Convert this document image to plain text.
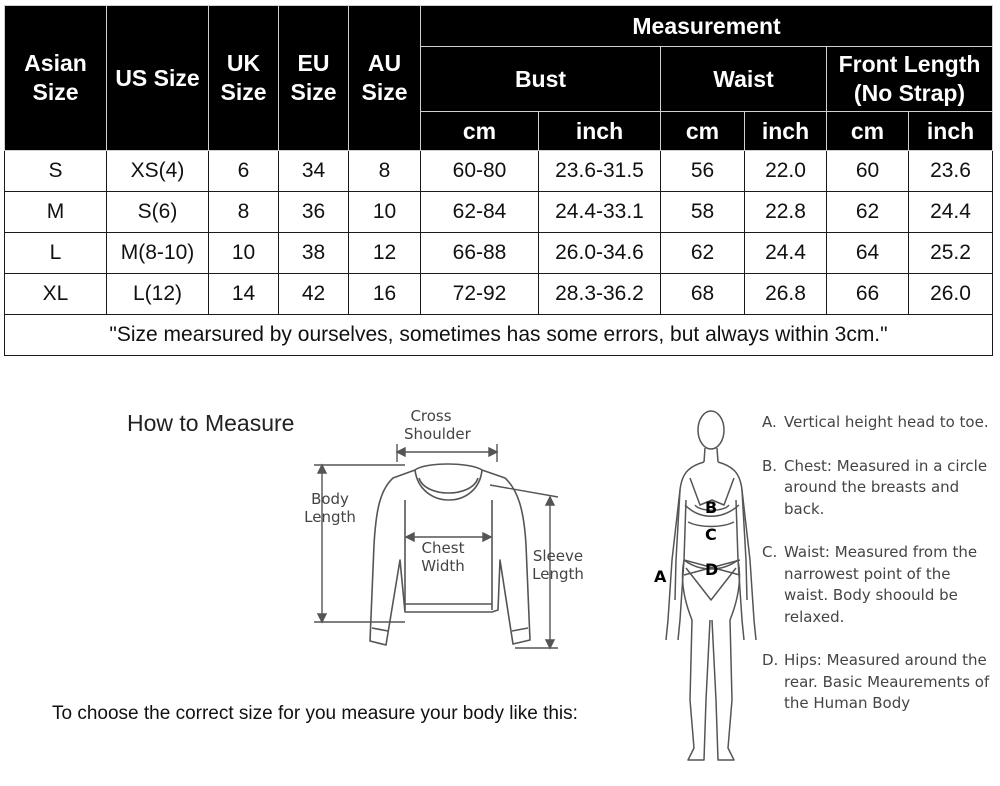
Asian Size	US Size	UK Size	EU Size	AU Size	Measurement					
					Bust		Waist		Front Length (No Strap)	
					cm	inch	cm	inch	cm	inch
S	XS(4)	6	34	8	60-80	23.6-31.5	56	22.0	60	23.6
M	S(6)	8	36	10	62-84	24.4-33.1	58	22.8	62	24.4
L	M(8-10)	10	38	12	66-88	26.0-34.6	62	24.4	64	25.2
XL	L(12)	14	42	16	72-92	28.3-36.2	68	26.8	66	26.0
"Size mearsured by ourselves, sometimes has some errors, but always within 3cm."										
How to Measure	Cross Shoulder
Body Length
Chest Width
Sleeve Length	A
B
C
D
A. Vertical height head to toe.
B. Chest: Measured in a circle around the breasts and back.
C. Waist: Measured from the narrowest point of the waist. Body shoould be relaxed.
D. Hips: Measured around the rear. Basic Meaurements of the Human Body
To choose the correct size for you measure your body like this:
